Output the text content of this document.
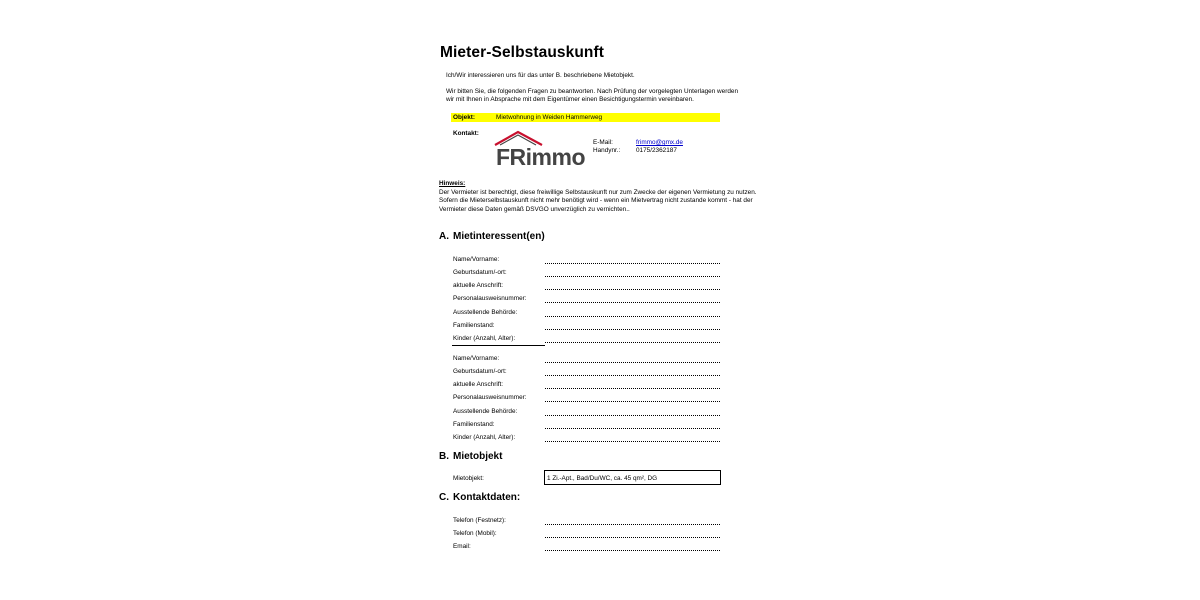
Mieter-Selbstauskunft
Ich/Wir interessieren uns für das unter B. beschriebene Mietobjekt.
Wir bitten Sie, die folgenden Fragen zu beantworten. Nach Prüfung der vorgelegten Unterlagen werden wir mit Ihnen in Absprache mit dem Eigentümer einen Besichtigungstermin vereinbaren.
Objekt:	Mietwohnung in Weiden Hammerweg
Kontakt:
FRimmo
E-Mail:	frimmo@gmx.de
Handynr.: 0175/2362187
Hinweis:
Der Vermieter ist berechtigt, diese freiwillige Selbstauskunft nur zum Zwecke der eigenen Vermietung zu nutzen. Sofern die Mieterselbstauskunft nicht mehr benötigt wird - wenn ein Mietvertrag nicht zustande kommt - hat der Vermieter diese Daten gemäß DSVGO unverzüglich zu vernichten..
A. Mietinteressent(en)
Name/Vorname:
Geburtsdatum/-ort:
aktuelle Anschrift:
Personalausweisnummer:
Ausstellende Behörde:
Familienstand:
Kinder (Anzahl, Alter):
Name/Vorname:
Geburtsdatum/-ort:
aktuelle Anschrift:
Personalausweisnummer:
Ausstellende Behörde:
Familienstand:
Kinder (Anzahl, Alter):
B. Mietobjekt
Mietobjekt:	1 Zi.-Apt., Bad/Du/WC, ca. 45 qm², DG
C. Kontaktdaten:
Telefon (Festnetz):
Telefon (Mobil):
Email:
